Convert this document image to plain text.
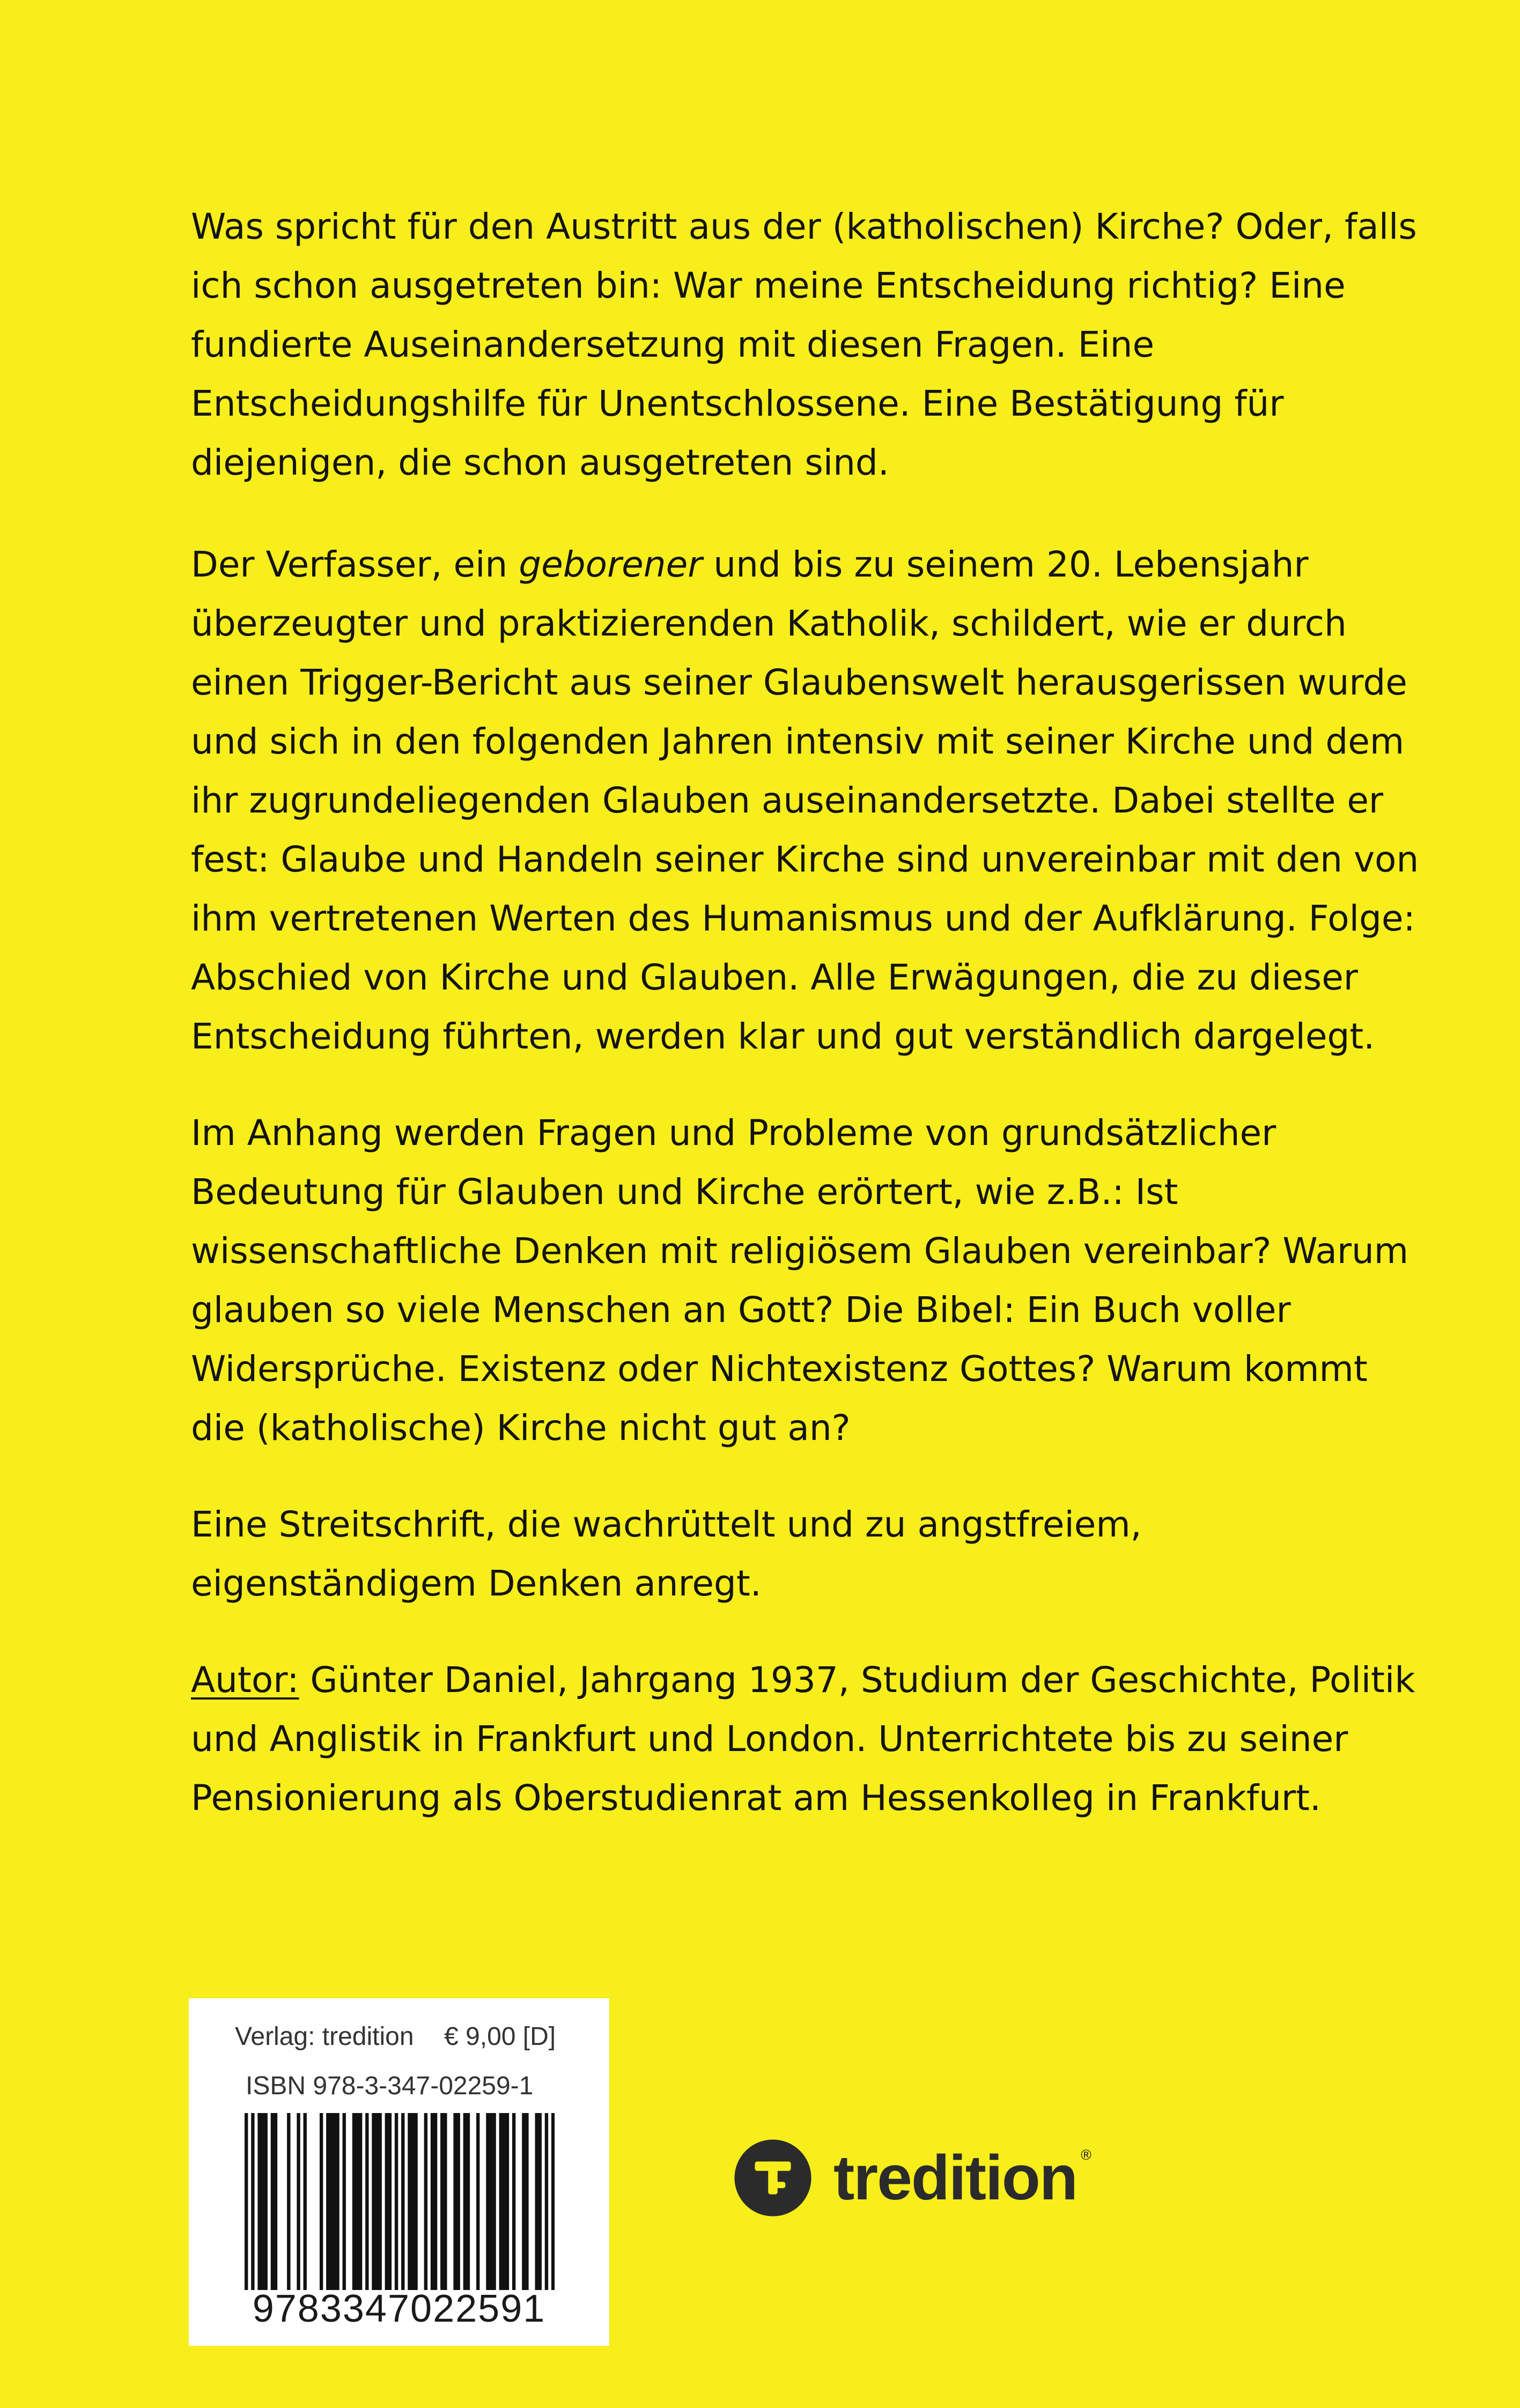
Was spricht für den Austritt aus der (katholischen) Kirche? Oder, falls ich schon ausgetreten bin: War meine Entscheidung richtig? Eine fundierte Auseinandersetzung mit diesen Fragen. Eine Entscheidungshilfe für Unentschlossene. Eine Bestätigung für diejenigen, die schon ausgetreten sind.

Der Verfasser, ein geborener und bis zu seinem 20. Lebensjahr überzeugter und praktizierenden Katholik, schildert, wie er durch einen Trigger-Bericht aus seiner Glaubenswelt herausgerissen wurde und sich in den folgenden Jahren intensiv mit seiner Kirche und dem ihr zugrundeliegenden Glauben auseinandersetzte. Dabei stellte er fest: Glaube und Handeln seiner Kirche sind unvereinbar mit den von ihm vertretenen Werten des Humanismus und der Aufklärung. Folge: Abschied von Kirche und Glauben. Alle Erwägungen, die zu dieser Entscheidung führten, werden klar und gut verständlich dargelegt.

Im Anhang werden Fragen und Probleme von grundsätzlicher Bedeutung für Glauben und Kirche erörtert, wie z.B.: Ist wissenschaftliche Denken mit religiösem Glauben vereinbar? Warum glauben so viele Menschen an Gott? Die Bibel: Ein Buch voller Widersprüche. Existenz oder Nichtexistenz Gottes? Warum kommt die (katholische) Kirche nicht gut an?

Eine Streitschrift, die wachrüttelt und zu angstfreiem, eigenständigem Denken anregt.

Autor: Günter Daniel, Jahrgang 1937, Studium der Geschichte, Politik und Anglistik in Frankfurt und London. Unterrichtete bis zu seiner Pensionierung als Oberstudienrat am Hessenkolleg in Frankfurt.

Verlag: tredition € 9,00 [D]
ISBN 978-3-347-02259-1
9783347022591
tredition ®
